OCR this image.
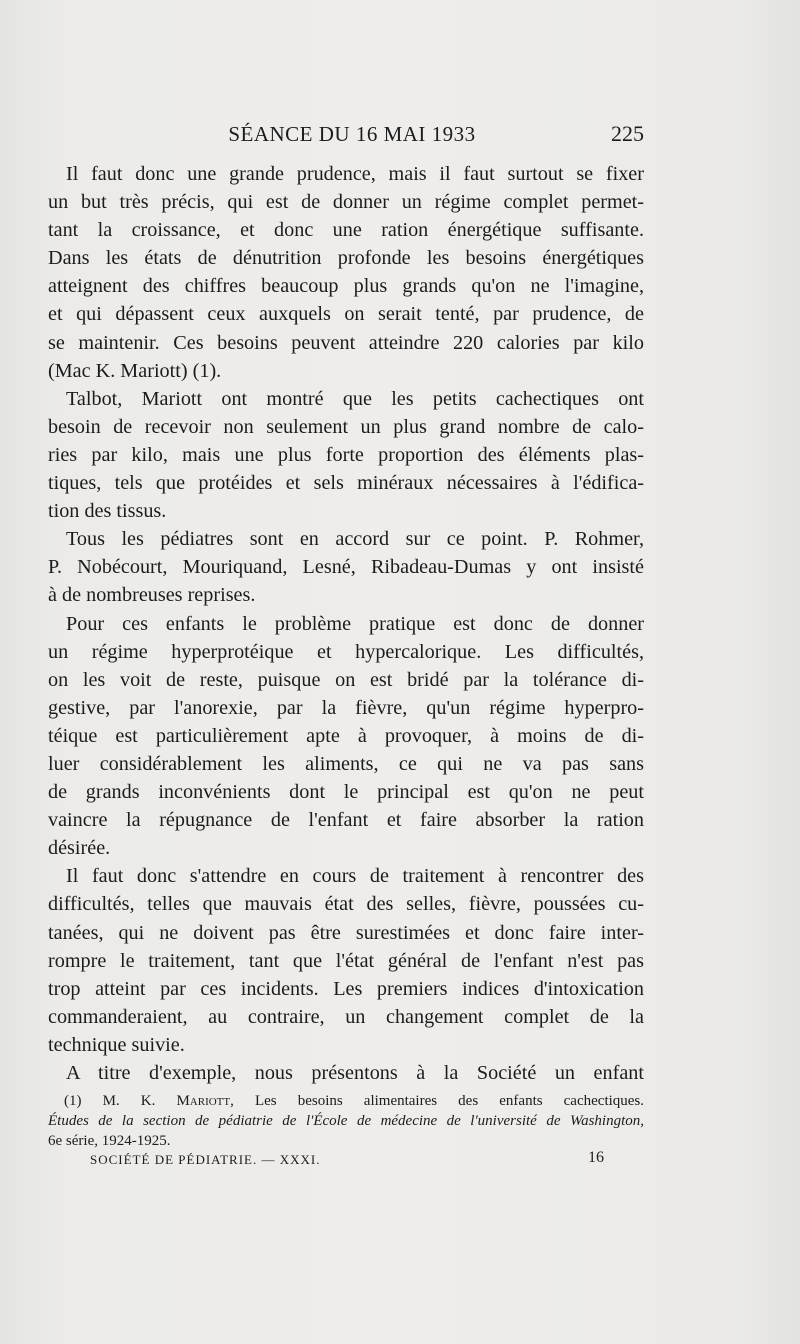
SÉANCE DU 16 MAI 1933	225
Il faut donc une grande prudence, mais il faut surtout se fixer
un but très précis, qui est de donner un régime complet permet-
tant la croissance, et donc une ration énergétique suffisante.
Dans les états de dénutrition profonde les besoins énergétiques
atteignent des chiffres beaucoup plus grands qu'on ne l'imagine,
et qui dépassent ceux auxquels on serait tenté, par prudence, de
se maintenir. Ces besoins peuvent atteindre 220 calories par kilo
(Mac K. Mariott) (1).
Talbot, Mariott ont montré que les petits cachectiques ont
besoin de recevoir non seulement un plus grand nombre de calo-
ries par kilo, mais une plus forte proportion des éléments plas-
tiques, tels que protéides et sels minéraux nécessaires à l'édifica-
tion des tissus.
Tous les pédiatres sont en accord sur ce point. P. Rohmer,
P. Nobécourt, Mouriquand, Lesné, Ribadeau-Dumas y ont insisté
à de nombreuses reprises.
Pour ces enfants le problème pratique est donc de donner
un régime hyperprotéique et hypercalorique. Les difficultés,
on les voit de reste, puisque on est bridé par la tolérance di-
gestive, par l'anorexie, par la fièvre, qu'un régime hyperpro-
téique est particulièrement apte à provoquer, à moins de di-
luer considérablement les aliments, ce qui ne va pas sans
de grands inconvénients dont le principal est qu'on ne peut
vaincre la répugnance de l'enfant et faire absorber la ration
désirée.
Il faut donc s'attendre en cours de traitement à rencontrer des
difficultés, telles que mauvais état des selles, fièvre, poussées cu-
tanées, qui ne doivent pas être surestimées et donc faire inter-
rompre le traitement, tant que l'état général de l'enfant n'est pas
trop atteint par ces incidents. Les premiers indices d'intoxication
commanderaient, au contraire, un changement complet de la
technique suivie.
A titre d'exemple, nous présentons à la Société un enfant
(1) M. K. Mariott, Les besoins alimentaires des enfants cachectiques.
Études de la section de pédiatrie de l'École de médecine de l'université de Washington,
6e série, 1924-1925.
SOCIÉTÉ DE PÉDIATRIE. — XXXI.	16
